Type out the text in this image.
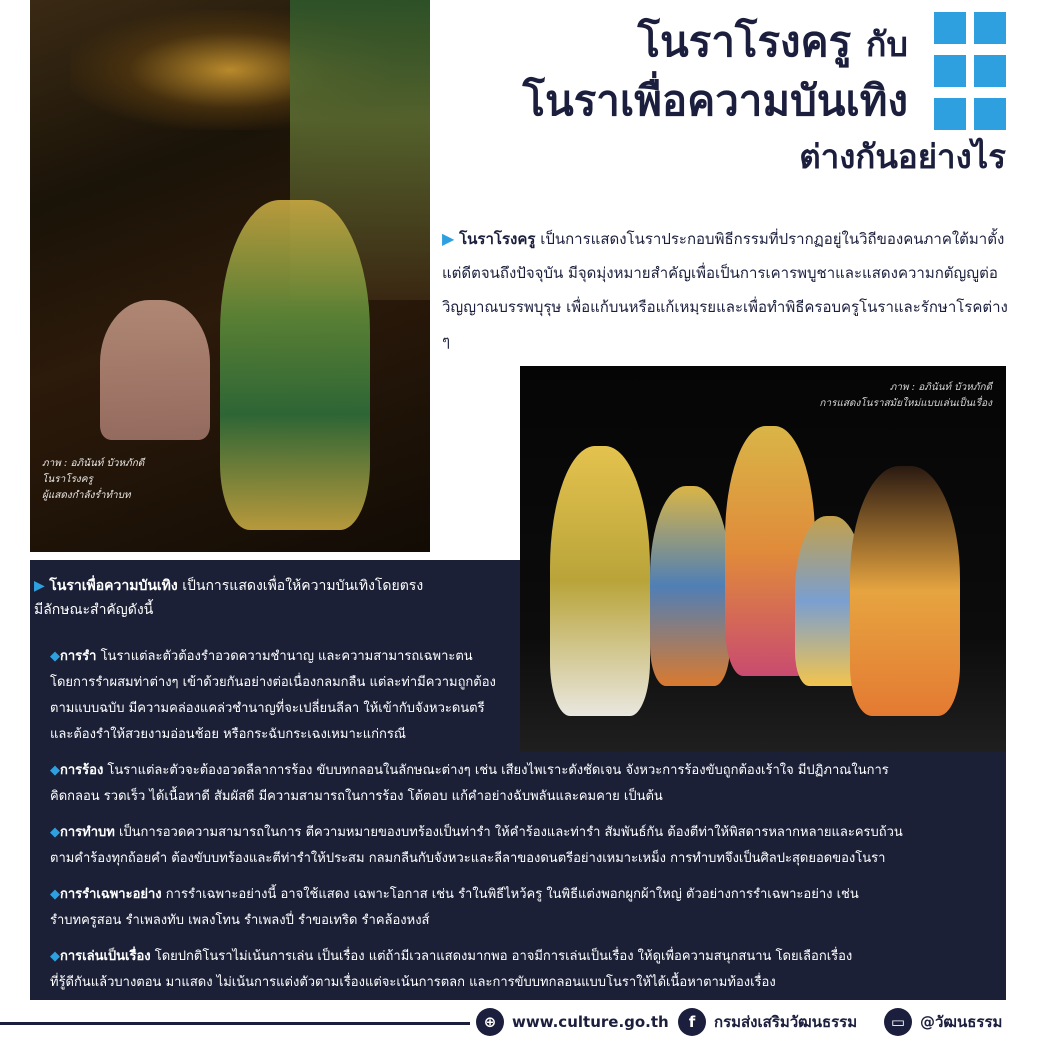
ภาพ : อภินันท์ บัวหภักดี
โนราโรงครู
ผู้แสดงกำลังร่ำทำบท
โนราโรงครู กับ
โนราเพื่อความบันเทิง
ต่างกันอย่างไร
▶ โนราโรงครู เป็นการแสดงโนราประกอบพิธีกรรมที่ปรากฏอยู่ในวิถีของคนภาคใต้มาตั้งแต่ดีตจนถึงปัจจุบัน มีจุดมุ่งหมายสำคัญเพื่อเป็นการเคารพบูชาและแสดงความกตัญญูต่อวิญญาณบรรพบุรุษ เพื่อแก้บนหรือแก้เหมฺรยและเพื่อทำพิธีครอบครูโนราและรักษาโรคต่าง ๆ
ภาพ : อภินันท์ บัวหภักดี
การแสดงโนราสมัยใหม่แบบเล่นเป็นเรื่อง
▶ โนราเพื่อความบันเทิง เป็นการแสดงเพื่อให้ความบันเทิงโดยตรง
มีลักษณะสำคัญดังนี้
◆การรำ โนราแต่ละตัวต้องรำอวดความชำนาญ และความสามารถเฉพาะตน
โดยการรำผสมท่าต่างๆ เข้าด้วยกันอย่างต่อเนื่องกลมกลืน แต่ละท่ามีความถูกต้อง
ตามแบบฉบับ มีความคล่องแคล่วชำนาญที่จะเปลี่ยนลีลา ให้เข้ากับจังหวะดนตรี
และต้องรำให้สวยงามอ่อนช้อย หรือกระฉับกระเฉงเหมาะแก่กรณี
◆การร้อง โนราแต่ละตัวจะต้องอวดลีลาการร้อง ขับบทกลอนในลักษณะต่างๆ เช่น เสียงไพเราะดังชัดเจน จังหวะการร้องขับถูกต้องเร้าใจ มีปฏิภาณในการ
คิดกลอน รวดเร็ว ได้เนื้อหาดี สัมผัสดี มีความสามารถในการร้อง โต้ตอบ แก้คำอย่างฉับพลันและคมคาย เป็นต้น
◆การทำบท เป็นการอวดความสามารถในการ ตีความหมายของบทร้องเป็นท่ารำ ให้คำร้องและท่ารำ สัมพันธ์กัน ต้องตีท่าให้พิสดารหลากหลายและครบถ้วน
ตามคำร้องทุกถ้อยคำ ต้องขับบทร้องและตีท่ารำให้ประสม กลมกลืนกับจังหวะและลีลาของดนตรีอย่างเหมาะเหม็ง การทำบทจึงเป็นศิลปะสุดยอดของโนรา
◆การรำเฉพาะอย่าง การรำเฉพาะอย่างนี้ อาจใช้แสดง เฉพาะโอกาส เช่น รำในพิธีไหว้ครู ในพิธีแต่งพอกผูกผ้าใหญ่ ตัวอย่างการรำเฉพาะอย่าง เช่น
รำบทครูสอน รำเพลงทับ เพลงโทน รำเพลงปี่ รำขอเทริด รำคล้องหงส์
◆การเล่นเป็นเรื่อง โดยปกติโนราไม่เน้นการเล่น เป็นเรื่อง แต่ถ้ามีเวลาแสดงมากพอ อาจมีการเล่นเป็นเรื่อง ให้ดูเพื่อความสนุกสนาน โดยเลือกเรื่อง
ที่รู้ดีกันแล้วบางตอน มาแสดง ไม่เน้นการแต่งตัวตามเรื่องแต่จะเน้นการตลก และการขับบทกลอนแบบโนราให้ได้เนื้อหาตามท้องเรื่อง
⊕	www.culture.go.th	f	กรมส่งเสริมวัฒนธรรม	▭ @วัฒนธรรม
